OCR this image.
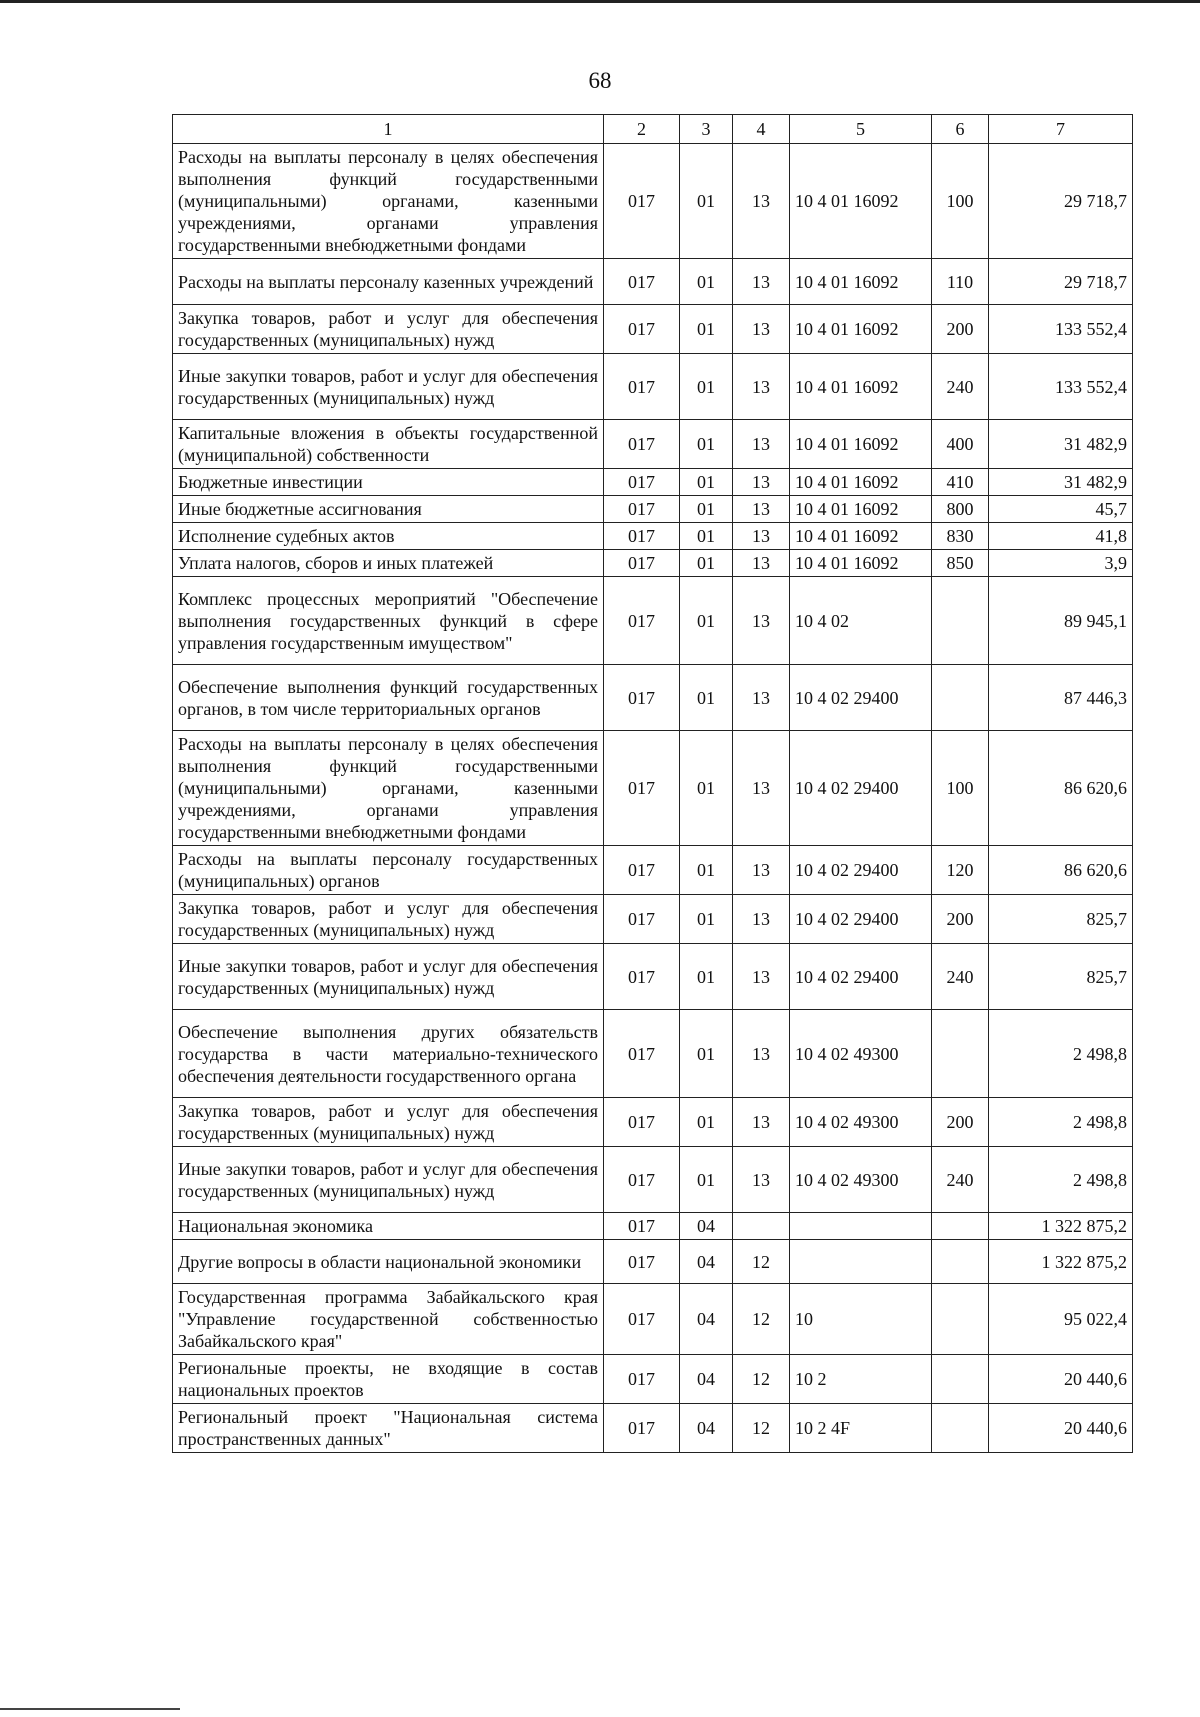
68
1	2	3	4	5	6	7
Расходы на выплаты персоналу в целях обеспечения выполнения функций государственными (муниципальными) органами, казенными учреждениями, органами управления государственными внебюджетными фондами	017	01	13	10 4 01 16092	100	29 718,7
Расходы на выплаты персоналу казенных учреждений	017	01	13	10 4 01 16092	110	29 718,7
Закупка товаров, работ и услуг для обеспечения государственных (муниципальных) нужд	017	01	13	10 4 01 16092	200	133 552,4
Иные закупки товаров, работ и услуг для обеспечения государственных (муниципальных) нужд	017	01	13	10 4 01 16092	240	133 552,4
Капитальные вложения в объекты государственной (муниципальной) собственности	017	01	13	10 4 01 16092	400	31 482,9
Бюджетные инвестиции	017	01	13	10 4 01 16092	410	31 482,9
Иные бюджетные ассигнования	017	01	13	10 4 01 16092	800	45,7
Исполнение судебных актов	017	01	13	10 4 01 16092	830	41,8
Уплата налогов, сборов и иных платежей	017	01	13	10 4 01 16092	850	3,9
Комплекс процессных мероприятий "Обеспечение выполнения государственных функций в сфере управления государственным имуществом"	017	01	13	10 4 02		89 945,1
Обеспечение выполнения функций государственных органов, в том числе территориальных органов	017	01	13	10 4 02 29400		87 446,3
Расходы на выплаты персоналу в целях обеспечения выполнения функций государственными (муниципальными) органами, казенными учреждениями, органами управления государственными внебюджетными фондами	017	01	13	10 4 02 29400	100	86 620,6
Расходы на выплаты персоналу государственных (муниципальных) органов	017	01	13	10 4 02 29400	120	86 620,6
Закупка товаров, работ и услуг для обеспечения государственных (муниципальных) нужд	017	01	13	10 4 02 29400	200	825,7
Иные закупки товаров, работ и услуг для обеспечения государственных (муниципальных) нужд	017	01	13	10 4 02 29400	240	825,7
Обеспечение выполнения других обязательств государства в части материально-технического обеспечения деятельности государственного органа	017	01	13	10 4 02 49300		2 498,8
Закупка товаров, работ и услуг для обеспечения государственных (муниципальных) нужд	017	01	13	10 4 02 49300	200	2 498,8
Иные закупки товаров, работ и услуг для обеспечения государственных (муниципальных) нужд	017	01	13	10 4 02 49300	240	2 498,8
Национальная экономика	017	04				1 322 875,2
Другие вопросы в области национальной экономики	017	04	12			1 322 875,2
Государственная программа Забайкальского края "Управление государственной собственностью Забайкальского края"	017	04	12	10		95 022,4
Региональные проекты, не входящие в состав национальных проектов	017	04	12	10 2		20 440,6
Региональный проект "Национальная система пространственных данных"	017	04	12	10 2 4F		20 440,6
